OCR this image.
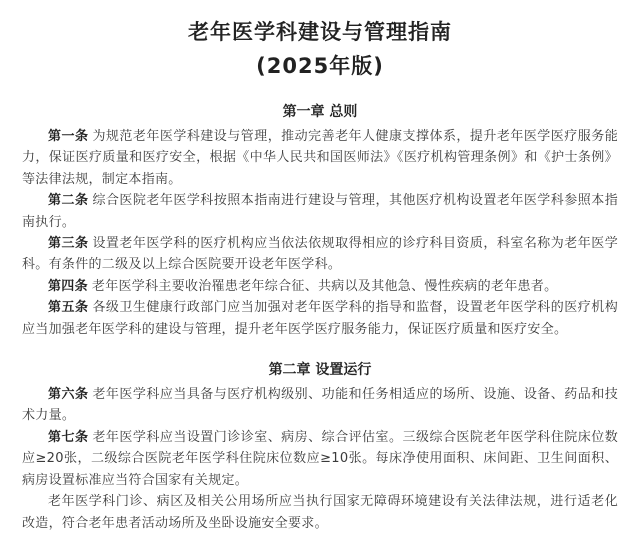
老年医学科建设与管理指南
(2025年版)
第一章 总则

第一条 为规范老年医学科建设与管理，推动完善老年人健康支撑体系，提升老年医学医疗服务能力，保证医疗质量和医疗安全，根据《中华人民共和国医师法》《医疗机构管理条例》和《护士条例》等法律法规，制定本指南。

第二条 综合医院老年医学科按照本指南进行建设与管理，其他医疗机构设置老年医学科参照本指南执行。

第三条 设置老年医学科的医疗机构应当依法依规取得相应的诊疗科目资质，科室名称为老年医学科。有条件的二级及以上综合医院要开设老年医学科。

第四条 老年医学科主要收治罹患老年综合征、共病以及其他急、慢性疾病的老年患者。

第五条 各级卫生健康行政部门应当加强对老年医学科的指导和监督，设置老年医学科的医疗机构应当加强老年医学科的建设与管理，提升老年医学医疗服务能力，保证医疗质量和医疗安全。

第二章 设置运行

第六条 老年医学科应当具备与医疗机构级别、功能和任务相适应的场所、设施、设备、药品和技术力量。

第七条 老年医学科应当设置门诊诊室、病房、综合评估室。三级综合医院老年医学科住院床位数应≥20张，二级综合医院老年医学科住院床位数应≥10张。每床净使用面积、床间距、卫生间面积、病房设置标准应当符合国家有关规定。

老年医学科门诊、病区及相关公用场所应当执行国家无障碍环境建设有关法律法规，进行适老化改造，符合老年患者活动场所及坐卧设施安全要求。
